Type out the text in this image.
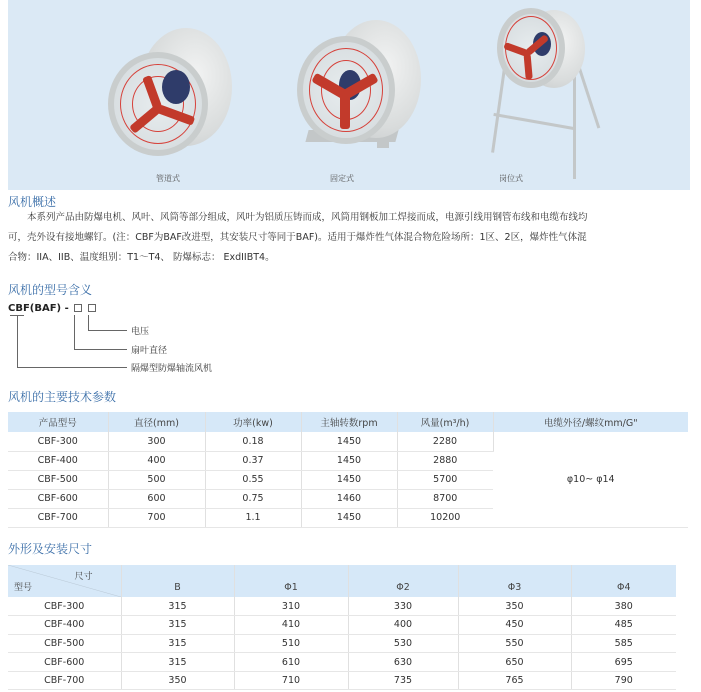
管道式	固定式	岗位式
风机概述
　　本系列产品由防爆电机、风叶、风筒等部分组成，风叶为铝质压铸而成，风筒用钢板加工焊接而成，电源引线用钢管布线和电缆布线均
可，壳外设有接地螺钉。(注：CBF为BAF改进型，其安装尺寸等同于BAF)。适用于爆炸性气体混合物危险场所：1区、2区，爆炸性气体混
合物：IIA、IIB、温度组别：T1～T4、 防爆标志： ExdIIBT4。
风机的型号含义
CBF(BAF) -
电压
扇叶直径
隔爆型防爆轴流风机
风机的主要技术参数
产品型号	直径(mm)	功率(kw)	主轴转数rpm	风量(m³/h)	电缆外径/螺纹mm/G"
CBF-300	300	0.18	1450	2280	φ10~ φ14
CBF-400	400	0.37	1450	2880	
CBF-500	500	0.55	1450	5700	
CBF-600	600	0.75	1460	8700	
CBF-700	700	1.1	1450	10200	
外形及安装尺寸
尺寸
型号	B	Φ1	Φ2	Φ3	Φ4
CBF-300	315	310	330	350	380
CBF-400	315	410	400	450	485
CBF-500	315	510	530	550	585
CBF-600	315	610	630	650	695
CBF-700	350	710	735	765	790
